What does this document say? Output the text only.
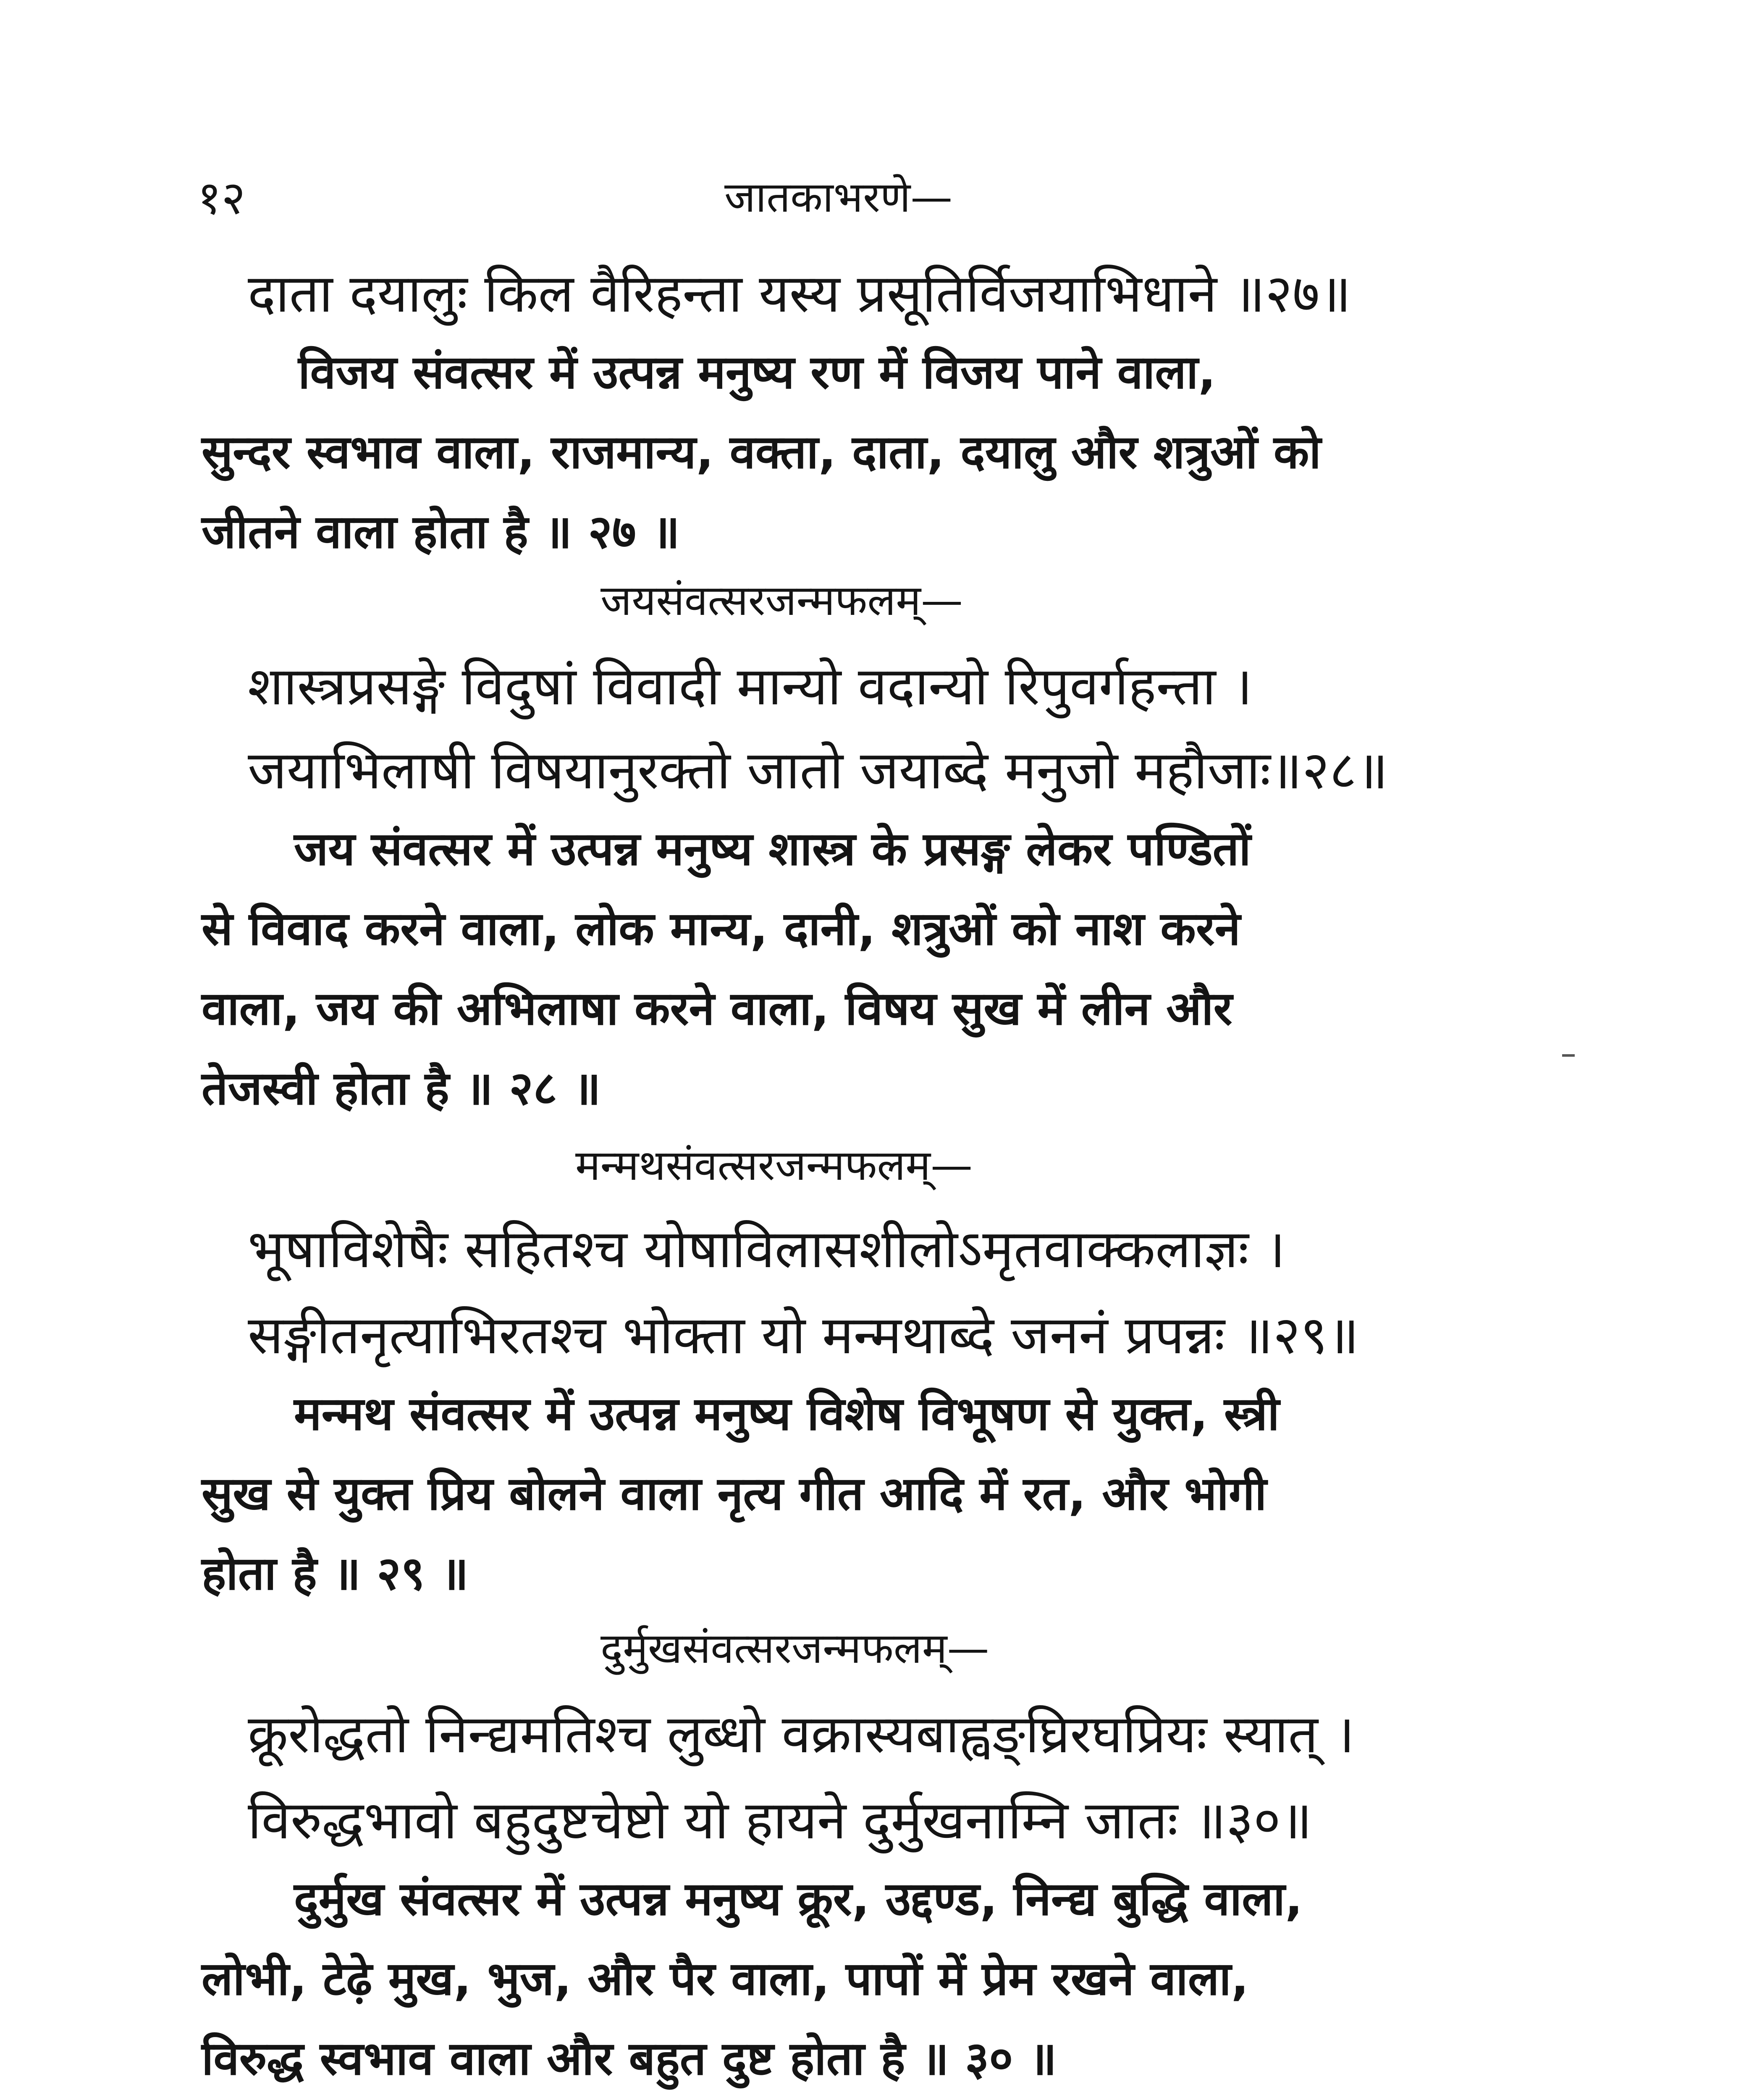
१२	जातकाभरणे—
दाता दयालुः किल वैरिहन्ता यस्य प्रसूतिर्विजयाभिधाने ॥२७॥
विजय संवत्सर में उत्पन्न मनुष्य रण में विजय पाने वाला,
सुन्दर स्वभाव वाला, राजमान्य, वक्ता, दाता, दयालु और शत्रुओं को
जीतने वाला होता है ॥ २७ ॥
जयसंवत्सरजन्मफलम्—
शास्त्रप्रसङ्गे विदुषां विवादी मान्यो वदान्यो रिपुवर्गहन्ता ।
जयाभिलाषी विषयानुरक्तो जातो जयाब्दे मनुजो महौजाः॥२८॥
जय संवत्सर में उत्पन्न मनुष्य शास्त्र के प्रसङ्ग लेकर पण्डितों
से विवाद करने वाला, लोक मान्य, दानी, शत्रुओं को नाश करने
वाला, जय की अभिलाषा करने वाला, विषय सुख में लीन और
तेजस्वी होता है ॥ २८ ॥
मन्मथसंवत्सरजन्मफलम्—
भूषाविशेषैः सहितश्च योषाविलासशीलोऽमृतवाक्कलाज्ञः ।
सङ्गीतनृत्याभिरतश्च भोक्ता यो मन्मथाब्दे जननं प्रपन्नः ॥२९॥
मन्मथ संवत्सर में उत्पन्न मनुष्य विशेष विभूषण से युक्त, स्त्री
सुख से युक्त प्रिय बोलने वाला नृत्य गीत आदि में रत, और भोगी
होता है ॥ २९ ॥
दुर्मुखसंवत्सरजन्मफलम्—
क्रूरोद्धतो निन्द्यमतिश्च लुब्धो वक्रास्यबाह्वङ्घ्रिरघप्रियः स्यात् ।
विरुद्धभावो बहुदुष्टचेष्टो यो हायने दुर्मुखनाम्नि जातः ॥३०॥
दुर्मुख संवत्सर में उत्पन्न मनुष्य क्रूर, उद्दण्ड, निन्द्य बुद्धि वाला,
लोभी, टेढ़े मुख, भुज, और पैर वाला, पापों में प्रेम रखने वाला,
विरुद्ध स्वभाव वाला और बहुत दुष्ट होता है ॥ ३० ॥
